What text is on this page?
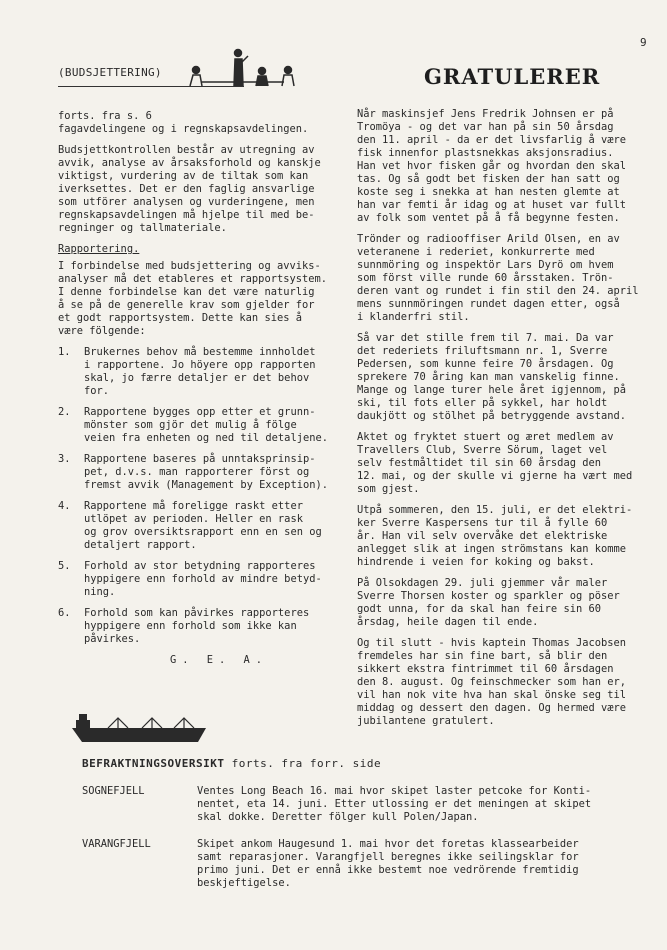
9
(BUDSJETTERING)	GRATULERER

forts. fra s. 6
fagavdelingene og i regnskapsavdelingen.

Budsjettkontrollen består av utregning av
avvik, analyse av årsaksforhold og kanskje
viktigst, vurdering av de tiltak som kan
iverksettes. Det er den faglig ansvarlige
som utförer analysen og vurderingene, men
regnskapsavdelingen må hjelpe til med be-
regninger og tallmateriale.

Rapportering.

I forbindelse med budsjettering og avviks-
analyser må det etableres et rapportsystem.
I denne forbindelse kan det være naturlig
å se på de generelle krav som gjelder for
et godt rapportsystem. Dette kan sies å
være fölgende:

1.	Brukernes behov må bestemme innholdet
i rapportene. Jo höyere opp rapporten
skal, jo færre detaljer er det behov
for.
2.	Rapportene bygges opp etter et grunn-
mönster som gjör det mulig å fölge
veien fra enheten og ned til detaljene.
3.	Rapportene baseres på unntaksprinsip-
pet, d.v.s. man rapporterer först og
fremst avvik (Management by Exception).
4.	Rapportene må foreligge raskt etter
utlöpet av perioden. Heller en rask
og grov oversiktsrapport enn en sen og
detaljert rapport.
5.	Forhold av stor betydning rapporteres
hyppigere enn forhold av mindre betyd-
ning.
6.	Forhold som kan påvirkes rapporteres
hyppigere enn forhold som ikke kan
påvirkes.
G. E. A.

Når maskinsjef Jens Fredrik Johnsen er på
Tromöya - og det var han på sin 50 årsdag
den 11. april - da er det livsfarlig å være
fisk innenfor plastsnekkas aksjonsradius.
Han vet hvor fisken går og hvordan den skal
tas. Og så godt bet fisken der han satt og
koste seg i snekka at han nesten glemte at
han var femti år idag og at huset var fullt
av folk som ventet på å få begynne festen.

Trönder og radiooffiser Arild Olsen, en av
veteranene i rederiet, konkurrerte med
sunnmöring og inspektör Lars Dyrö om hvem
som först ville runde 60 årsstaken. Trön-
deren vant og rundet i fin stil den 24. april
mens sunnmöringen rundet dagen etter, også
i klanderfri stil.

Så var det stille frem til 7. mai. Da var
det rederiets friluftsmann nr. 1, Sverre
Pedersen, som kunne feire 70 årsdagen. Og
sprekere 70 åring kan man vanskelig finne.
Mange og lange turer hele året igjennom, på
ski, til fots eller på sykkel, har holdt
daukjött og stölhet på betryggende avstand.

Aktet og fryktet stuert og æret medlem av
Travellers Club, Sverre Sörum, laget vel
selv festmåltidet til sin 60 årsdag den
12. mai, og der skulle vi gjerne ha vært med
som gjest.

Utpå sommeren, den 15. juli, er det elektri-
ker Sverre Kaspersens tur til å fylle 60
år. Han vil selv overvåke det elektriske
anlegget slik at ingen strömstans kan komme
hindrende i veien for koking og bakst.

På Olsokdagen 29. juli gjemmer vår maler
Sverre Thorsen koster og sparkler og pöser
godt unna, for da skal han feire sin 60
årsdag, heile dagen til ende.

Og til slutt - hvis kaptein Thomas Jacobsen
fremdeles har sin fine bart, så blir den
sikkert ekstra fintrimmet til 60 årsdagen
den 8. august. Og feinschmecker som han er,
vil han nok vite hva han skal önske seg til
middag og dessert den dagen. Og hermed være
jubilantene gratulert.

BEFRAKTNINGSOVERSIKT forts. fra forr. side
SOGNEFJELL	Ventes Long Beach 16. mai hvor skipet laster petcoke for Konti-
nentet, eta 14. juni. Etter utlossing er det meningen at skipet
skal dokke. Deretter fölger kull Polen/Japan.
VARANGFJELL	Skipet ankom Haugesund 1. mai hvor det foretas klassearbeider
samt reparasjoner. Varangfjell beregnes ikke seilingsklar for
primo juni. Det er ennå ikke bestemt noe vedrörende fremtidig
beskjeftigelse.
